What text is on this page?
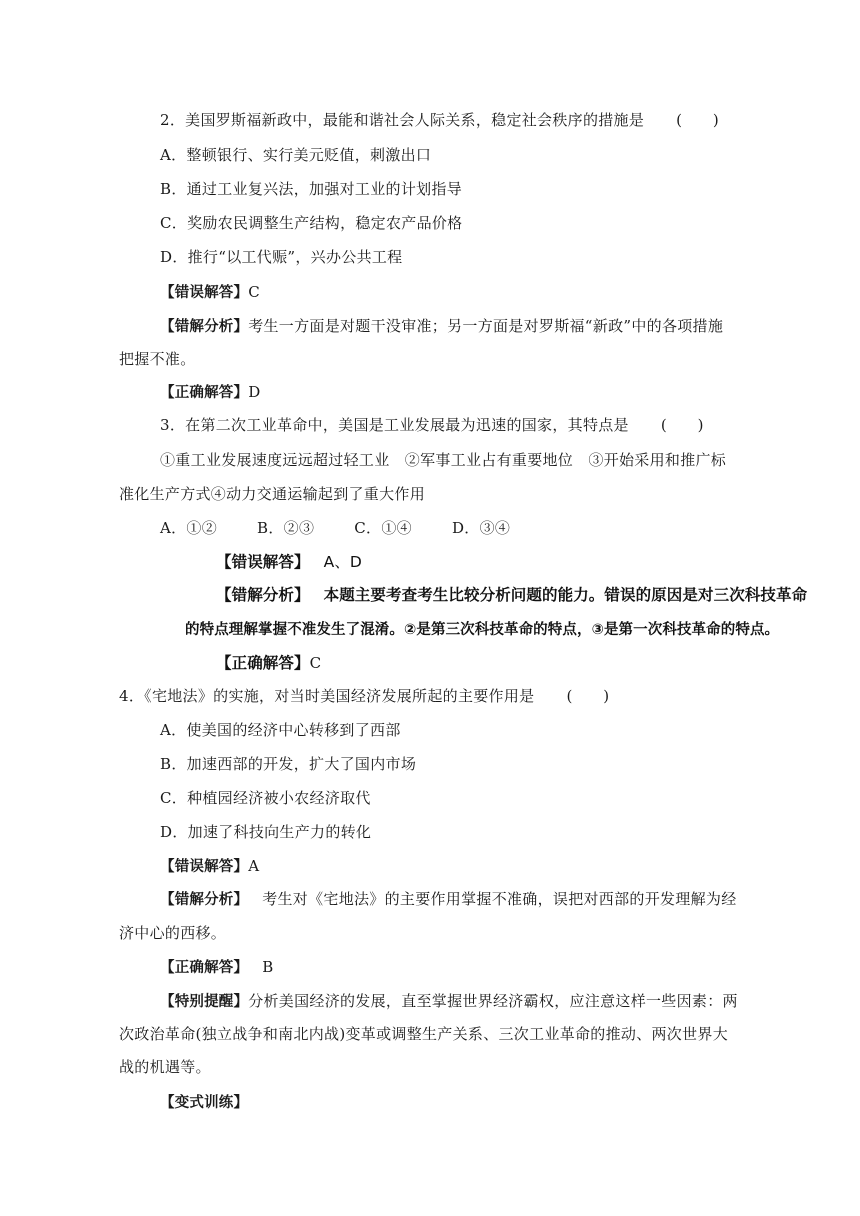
2．美国罗斯福新政中，最能和谐社会人际关系，稳定社会秩序的措施是 (　　)
A．整顿银行、实行美元贬值，刺激出口
B．通过工业复兴法，加强对工业的计划指导
C．奖励农民调整生产结构，稳定农产品价格
D．推行“以工代赈”，兴办公共工程
【错误解答】C
【错解分析】考生一方面是对题干没审准；另一方面是对罗斯福“新政”中的各项措施
把握不准。
【正确解答】D
3．在第二次工业革命中，美国是工业发展最为迅速的国家，其特点是 (　　)
①重工业发展速度远远超过轻工业　②军事工业占有重要地位　③开始采用和推广标
准化生产方式④动力交通运输起到了重大作用
A．①②	B．②③	C．①④	D．③④
【错误解答】 A、D
【错解分析】 本题主要考查考生比较分析问题的能力。错误的原因是对三次科技革命
的特点理解掌握不准发生了混淆。②是第三次科技革命的特点，③是第一次科技革命的特点。
【正确解答】C
4．《宅地法》的实施，对当时美国经济发展所起的主要作用是 (　　)
A．使美国的经济中心转移到了西部
B．加速西部的开发，扩大了国内市场
C．种植园经济被小农经济取代
D．加速了科技向生产力的转化
【错误解答】A
【错解分析】 考生对《宅地法》的主要作用掌握不准确，误把对西部的开发理解为经
济中心的西移。
【正确解答】 B
【特别提醒】分析美国经济的发展，直至掌握世界经济霸权，应注意这样一些因素：两
次政治革命(独立战争和南北内战)变革或调整生产关系、三次工业革命的推动、两次世界大
战的机遇等。
【变式训练】
